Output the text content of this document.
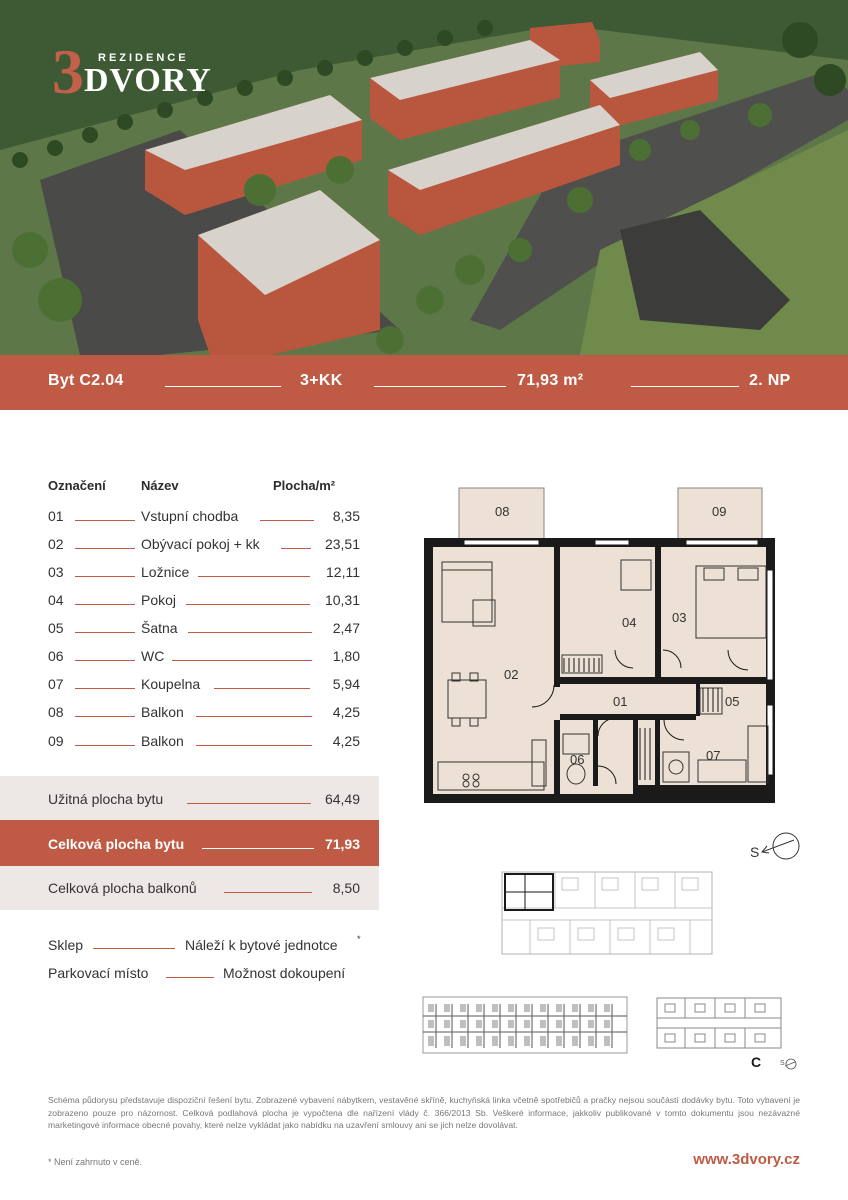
3 REZIDENCE
DVORY
Byt C2.04	3+KK	71,93 m²	2. NP
Označení	Název	Plocha/m²
01	Vstupní chodba	8,35
02	Obývací pokoj + kk	23,51
03	Ložnice	12,11
04	Pokoj	10,31
05	Šatna	2,47
06	WC	1,80
07	Koupelna	5,94
08	Balkon	4,25
09	Balkon	4,25
Užitná plocha bytu	64,49
Celková plocha bytu	71,93
Celková plocha balkonů	8,50
Sklep	Náleží k bytové jednotce *
Parkovací místo	Možnost dokoupení
08	09
04	03
02
01	05
06	07
S
C	S
Schéma půdorysu představuje dispoziční řešení bytu. Zobrazené vybavení nábytkem, vestavěné skříně, kuchyňská linka včetně spotřebičů a pračky nejsou součástí dodávky bytu. Toto vybavení je zobrazeno pouze pro názornost. Celková podlahová plocha je vypočtena dle nařízení vlády č. 366/2013 Sb. Veškeré informace, jakkoliv publikované v tomto dokumentu jsou nezávazné marketingové informace obecné povahy, které nelze vykládat jako nabídku na uzavření smlouvy ani se jich nelze dovolávat.
* Není zahrnuto v ceně.	www.3dvory.cz
